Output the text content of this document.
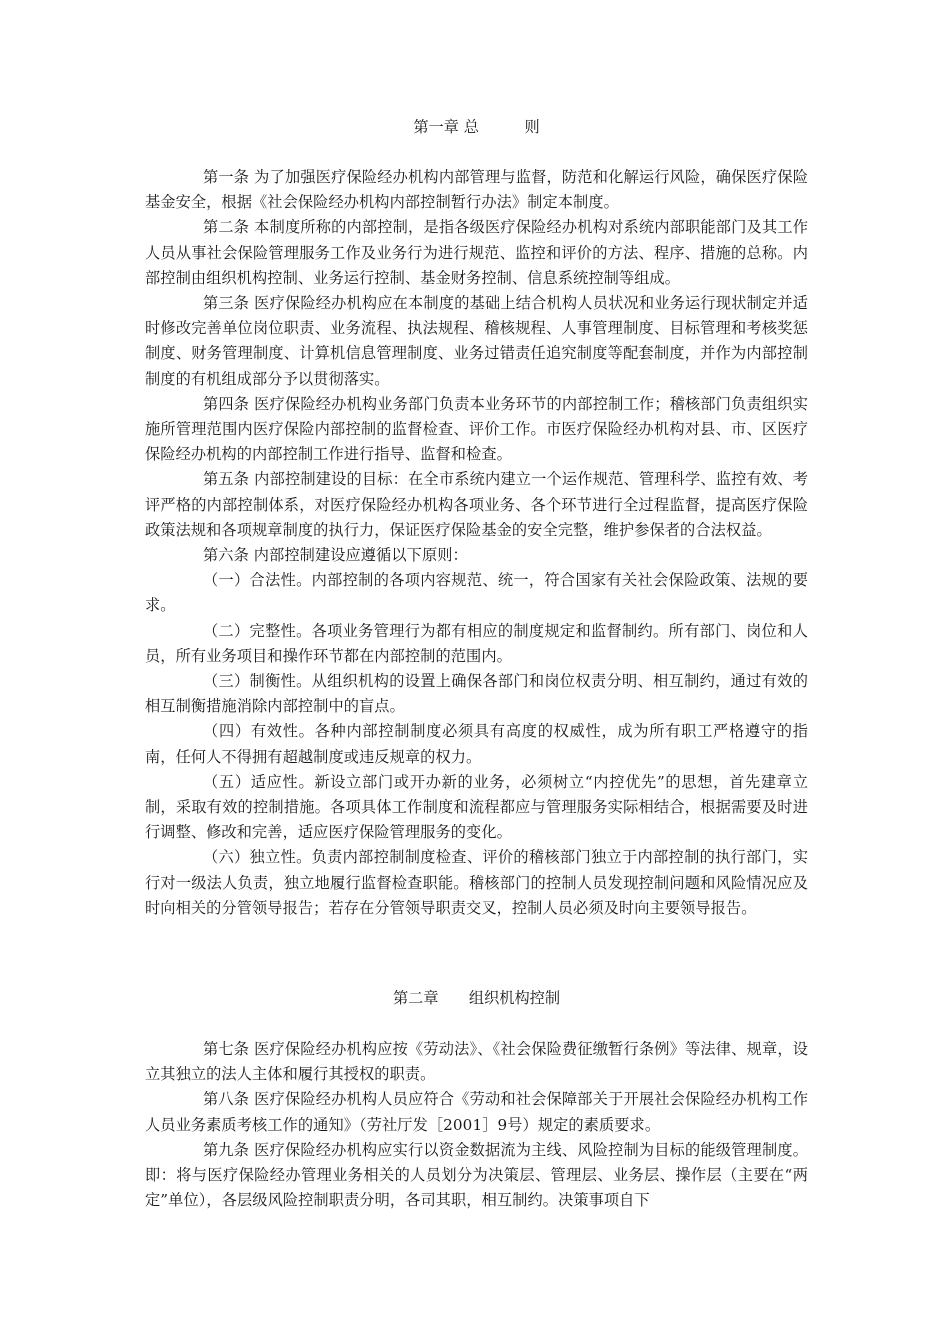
第一章 总　　　则

第一条 为了加强医疗保险经办机构内部管理与监督，防范和化解运行风险，确保医疗保险基金安全，根据《社会保险经办机构内部控制暂行办法》制定本制度。

第二条 本制度所称的内部控制，是指各级医疗保险经办机构对系统内部职能部门及其工作人员从事社会保险管理服务工作及业务行为进行规范、监控和评价的方法、程序、措施的总称。内部控制由组织机构控制、业务运行控制、基金财务控制、信息系统控制等组成。

第三条 医疗保险经办机构应在本制度的基础上结合机构人员状况和业务运行现状制定并适时修改完善单位岗位职责、业务流程、执法规程、稽核规程、人事管理制度、目标管理和考核奖惩制度、财务管理制度、计算机信息管理制度、业务过错责任追究制度等配套制度，并作为内部控制制度的有机组成部分予以贯彻落实。

第四条 医疗保险经办机构业务部门负责本业务环节的内部控制工作；稽核部门负责组织实施所管理范围内医疗保险内部控制的监督检查、评价工作。市医疗保险经办机构对县、市、区医疗保险经办机构的内部控制工作进行指导、监督和检查。

第五条 内部控制建设的目标：在全市系统内建立一个运作规范、管理科学、监控有效、考评严格的内部控制体系，对医疗保险经办机构各项业务、各个环节进行全过程监督，提高医疗保险政策法规和各项规章制度的执行力，保证医疗保险基金的安全完整，维护参保者的合法权益。

第六条 内部控制建设应遵循以下原则：

（一）合法性。内部控制的各项内容规范、统一，符合国家有关社会保险政策、法规的要求。

（二）完整性。各项业务管理行为都有相应的制度规定和监督制约。所有部门、岗位和人员，所有业务项目和操作环节都在内部控制的范围内。

（三）制衡性。从组织机构的设置上确保各部门和岗位权责分明、相互制约，通过有效的相互制衡措施消除内部控制中的盲点。

（四）有效性。各种内部控制制度必须具有高度的权威性，成为所有职工严格遵守的指南，任何人不得拥有超越制度或违反规章的权力。

（五）适应性。新设立部门或开办新的业务，必须树立“内控优先”的思想，首先建章立制，采取有效的控制措施。各项具体工作制度和流程都应与管理服务实际相结合，根据需要及时进行调整、修改和完善，适应医疗保险管理服务的变化。

（六）独立性。负责内部控制制度检查、评价的稽核部门独立于内部控制的执行部门，实行对一级法人负责，独立地履行监督检查职能。稽核部门的控制人员发现控制问题和风险情况应及时向相关的分管领导报告；若存在分管领导职责交叉，控制人员必须及时向主要领导报告。

第二章　　组织机构控制

第七条 医疗保险经办机构应按《劳动法》、《社会保险费征缴暂行条例》等法律、规章，设立其独立的法人主体和履行其授权的职责。

第八条 医疗保险经办机构人员应符合《劳动和社会保障部关于开展社会保险经办机构工作人员业务素质考核工作的通知》（劳社厅发［2001］9号）规定的素质要求。

第九条 医疗保险经办机构应实行以资金数据流为主线、风险控制为目标的能级管理制度。即：将与医疗保险经办管理业务相关的人员划分为决策层、管理层、业务层、操作层（主要在“两定”单位），各层级风险控制职责分明，各司其职，相互制约。决策事项自下
